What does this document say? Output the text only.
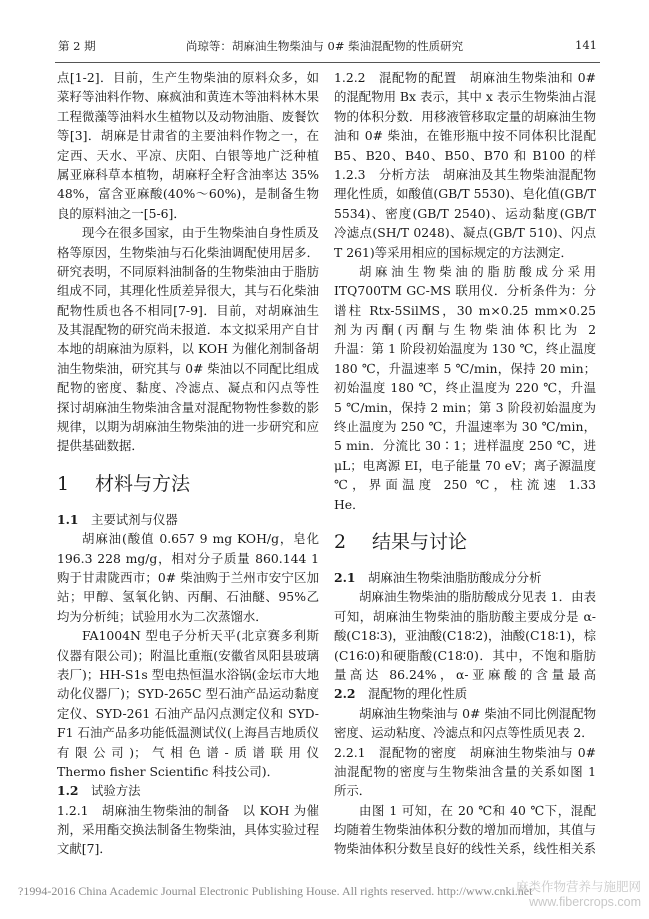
第 2 期	尚琼等：胡麻油生物柴油与 0# 柴油混配物的性质研究	141
点[1-2]．目前，生产生物柴油的原料众多，如
菜籽等油料作物、麻疯油和黄连木等油料林木果
工程微藻等油料水生植物以及动物油脂、废餐饮
等[3]．胡麻是甘肃省的主要油料作物之一，在
定西、天水、平凉、庆阳、白银等地广泛种植
属亚麻科草本植物，胡麻籽全籽含油率达 35%
48%，富含亚麻酸(40%～60%)，是制备生物
良的原料油之一[5-6]．
现今在很多国家，由于生物柴油自身性质及
格等原因，生物柴油与石化柴油调配使用居多．
研究表明，不同原料油制备的生物柴油由于脂肪
组成不同，其理化性质差异很大，其与石化柴油
配物性质也各不相同[7-9]．目前，对胡麻油生
及其混配物的研究尚未报道．本文拟采用产自甘
本地的胡麻油为原料，以 KOH 为催化剂制备胡
油生物柴油，研究其与 0# 柴油以不同配比组成
配物的密度、黏度、冷滤点、凝点和闪点等性
探讨胡麻油生物柴油含量对混配物物性参数的影
规律，以期为胡麻油生物柴油的进一步研究和应
提供基础数据．
1 材料与方法
1.1 主要试剂与仪器
胡麻油(酸值 0.657 9 mg KOH/g，皂化
196.3 228 mg/g，相对分子质量 860.144 1
购于甘肃陇西市；0# 柴油购于兰州市安宁区加
站；甲醇、氢氧化钠、丙酮、石油醚、95%乙
均为分析纯；试验用水为二次蒸馏水．
FA1004N 型电子分析天平(北京赛多利斯
仪器有限公司)；附温比重瓶(安徽省凤阳县玻璃
表厂)；HH-S1s 型电热恒温水浴锅(金坛市大地
动化仪器厂)；SYD-265C 型石油产品运动黏度
定仪、SYD-261 石油产品闪点测定仪和 SYD-
F1 石油产品多功能低温测试仪(上海昌吉地质仪
有限公司)；气相色谱-质谱联用仪
Thermo fisher Scientific 科技公司)．
1.2 试验方法
1.2.1　胡麻油生物柴油的制备　以 KOH 为催
剂，采用酯交换法制备生物柴油，具体实验过程
文献[7]．
1.2.2　混配物的配置　胡麻油生物柴油和 0#
的混配物用 Bx 表示，其中 x 表示生物柴油占混
物的体积分数．用移液管移取定量的胡麻油生物
油和 0# 柴油，在锥形瓶中按不同体积比混配
B5、B20、B40、B50、B70 和 B100 的样
1.2.3　分析方法　胡麻油及其生物柴油混配物
理化性质，如酸值(GB/T 5530)、皂化值(GB/T
5534)、密度(GB/T 2540)、运动黏度(GB/T
冷滤点(SH/T 0248)、凝点(GB/T 510)、闪点
T 261)等采用相应的国标规定的方法测定．
胡麻油生物柴油的脂肪酸成分采用
ITQ700TM GC-MS 联用仪．分析条件为：分
谱柱 Rtx-5SilMS，30 m×0.25 mm×0.25
剂为丙酮(丙酮与生物柴油体积比为 2
升温：第 1 阶段初始温度为 130 ℃，终止温度
180 ℃，升温速率 5 ℃/min，保持 20 min；
初始温度 180 ℃，终止温度为 220 ℃，升温
5 ℃/min，保持 2 min；第 3 阶段初始温度为
终止温度为 250 ℃，升温速率为 30 ℃/min，
5 min．分流比 30∶1；进样温度 250 ℃，进
μL；电离源 EI，电子能量 70 eV；离子源温度
℃，界面温度 250 ℃，柱流速 1.33
He．
2 结果与讨论
2.1 胡麻油生物柴油脂肪酸成分分析
胡麻油生物柴油的脂肪酸成分见表 1．由表
可知，胡麻油生物柴油的脂肪酸主要成分是 α-
酸(C18∶3)，亚油酸(C18∶2)，油酸(C18∶1)，棕
(C16∶0)和硬脂酸(C18∶0)．其中，不饱和脂肪
量高达 86.24%，α-亚麻酸的含量最高
2.2 混配物的理化性质
胡麻油生物柴油与 0# 柴油不同比例混配物
密度、运动粘度、冷滤点和闪点等性质见表 2．
2.2.1　混配物的密度　胡麻油生物柴油与 0#
油混配物的密度与生物柴油含量的关系如图 1
所示．
由图 1 可知，在 20 ℃和 40 ℃下，混配
均随着生物柴油体积分数的增加而增加，其值与
物柴油体积分数呈良好的线性关系，线性相关系
?1994-2016 China Academic Journal Electronic Publishing House. All rights reserved. http://www.cnki.net
麻类作物营养与施肥网
www.fibercrops.com
